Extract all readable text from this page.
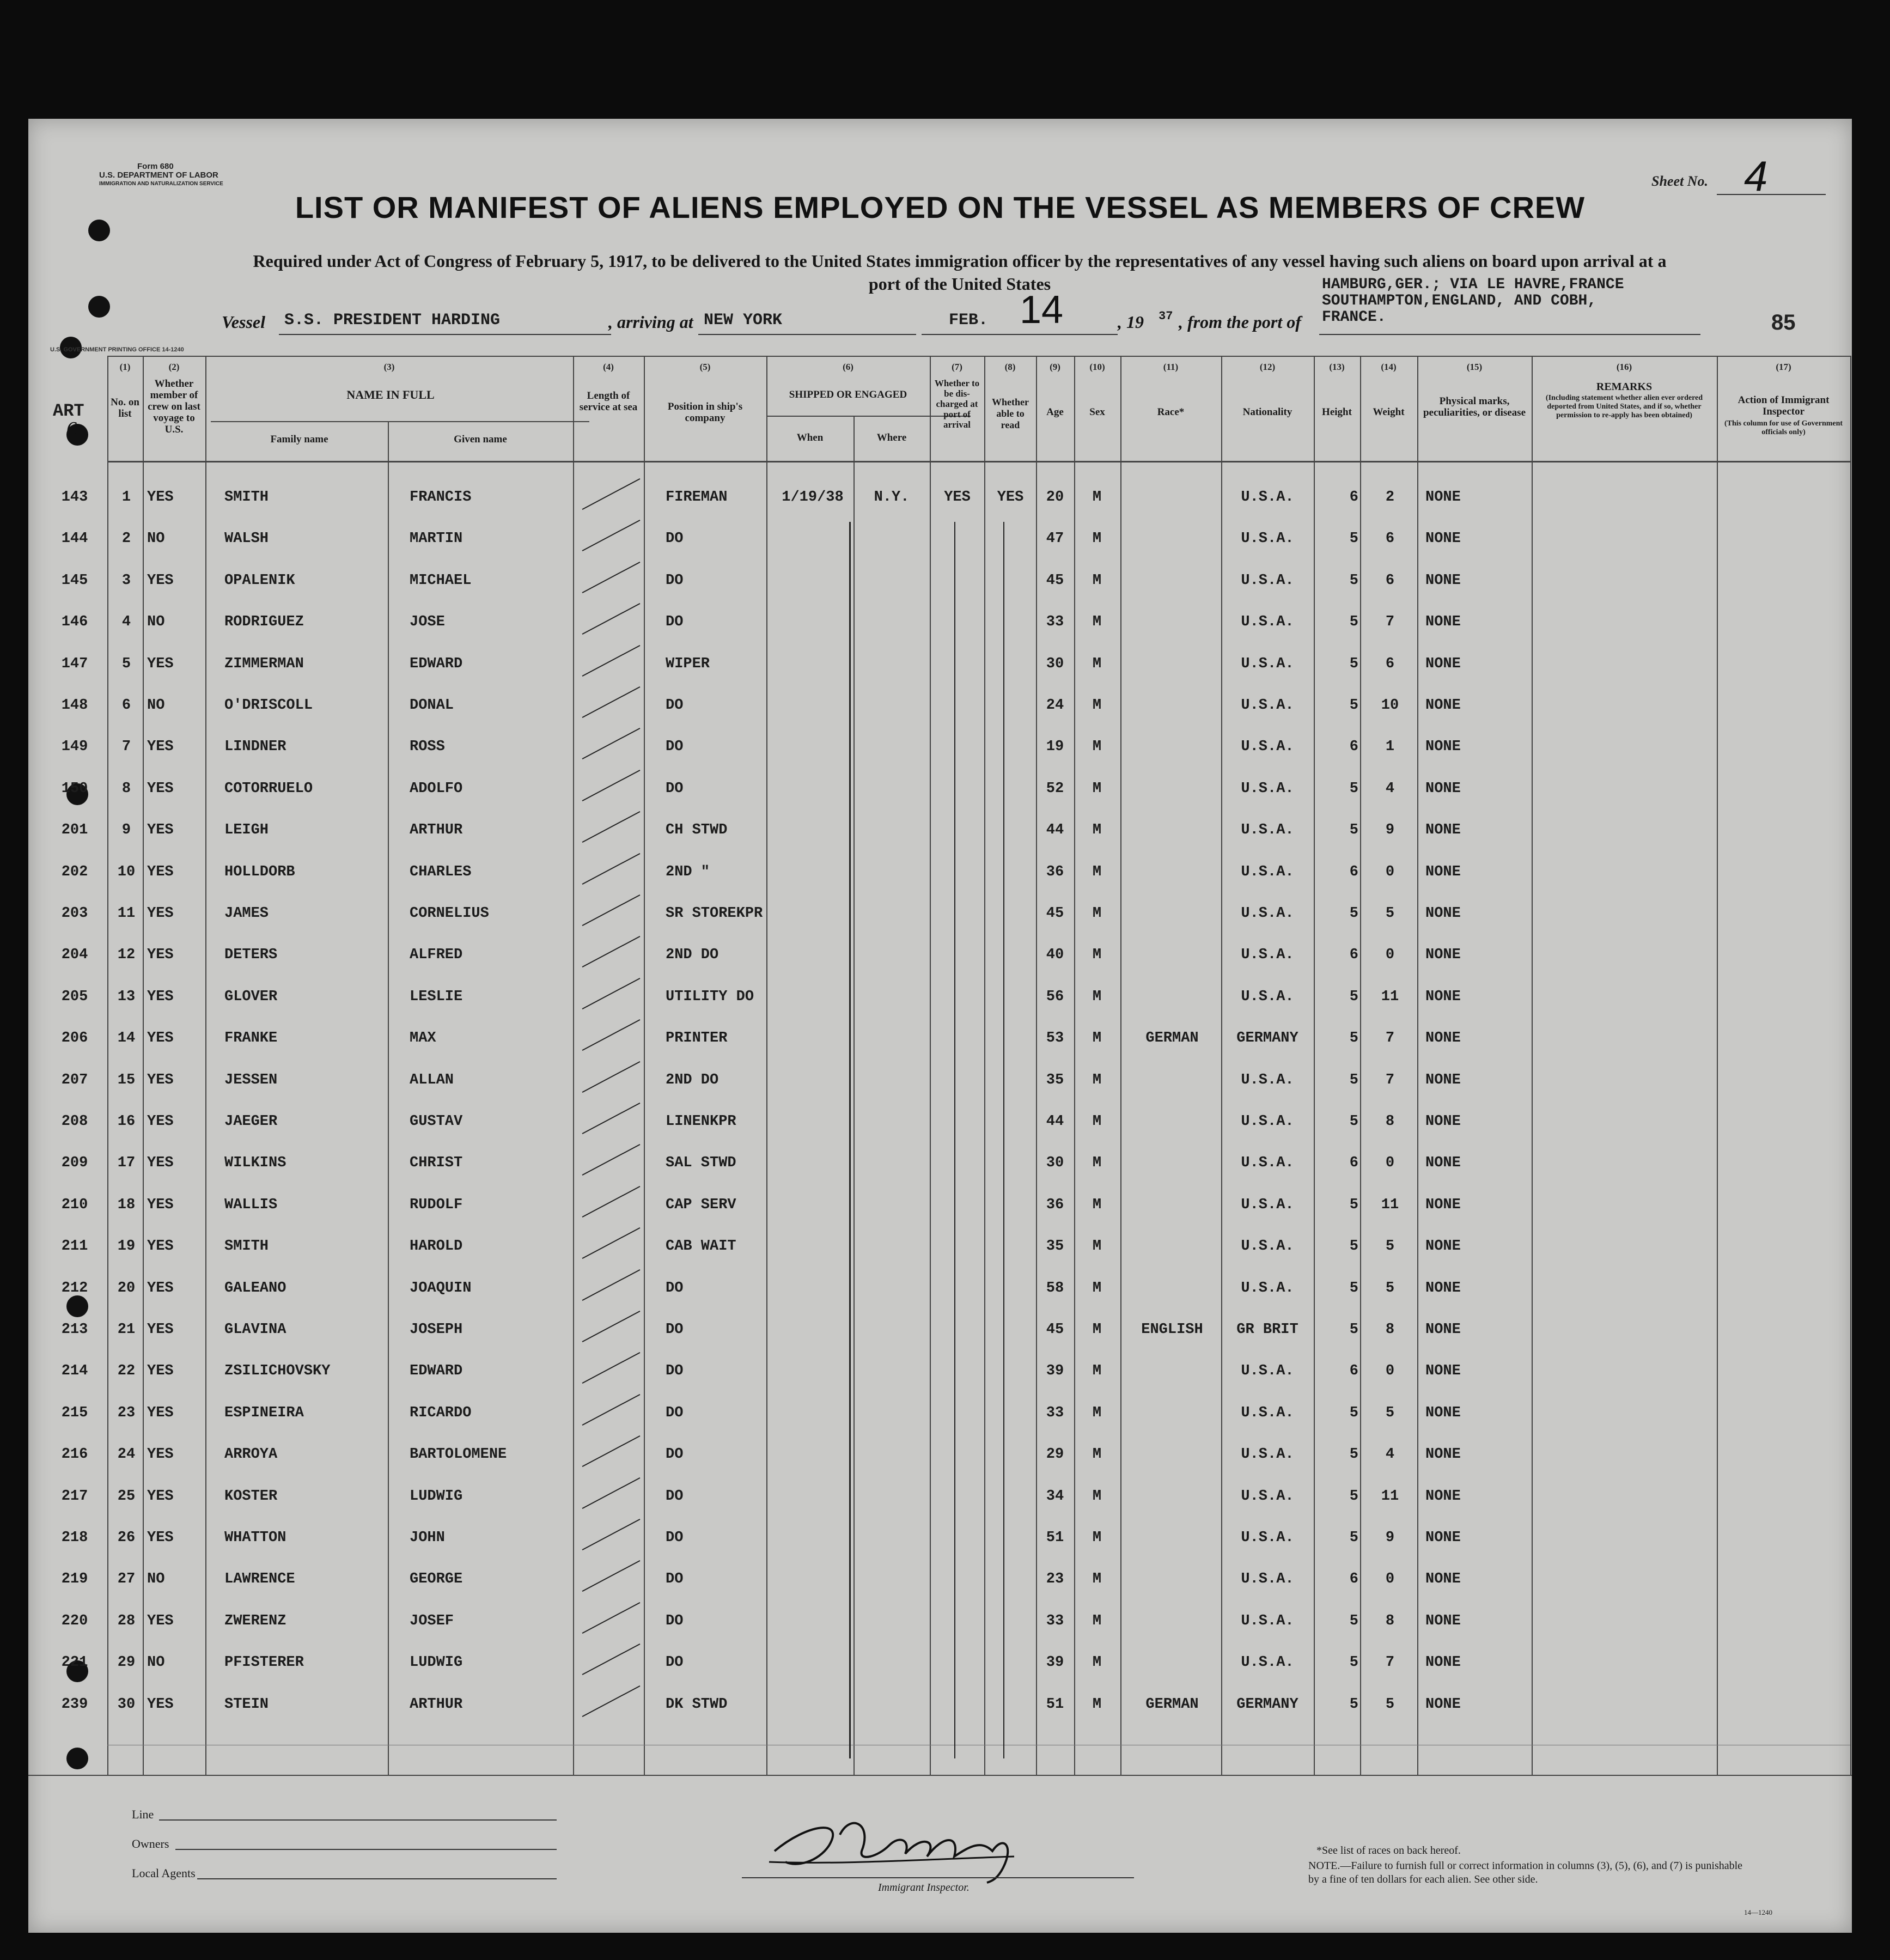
Form 680
U.S. DEPARTMENT OF LABOR
IMMIGRATION AND NATURALIZATION SERVICE	Sheet No. 4
LIST OR MANIFEST OF ALIENS EMPLOYED ON THE VESSEL AS MEMBERS OF CREW
Required under Act of Congress of February 5, 1917, to be delivered to the United States immigration officer by the representatives of any vessel having such aliens on board upon arrival at a
port of the United States
Vessel S.S. PRESIDENT HARDING	, arriving at NEW YORK	FEB. 14	, 19 37 , from the port of
HAMBURG,GER.; VIA LE HAVRE,FRANCE
SOUTHAMPTON,ENGLAND, AND COBH,
FRANCE.	85
U.S. GOVERNMENT PRINTING OFFICE 14-1240
ART
6
(1)	(2)	(3)	(4)	(5)	(6)	(7)	(8)	(9)	(10)	(11)	(12)	(13)	(14)	(15)	(16)	(17)
No. on list
Whether member of crew on last voyage to U.S.
NAME IN FULL
Family name	Given name
Length of service at sea	Position in ship's company
SHIPPED OR ENGAGED
When	Where
Whether to be dis-charged at port of arrival
Whether able to read
Age	Sex	Race*	Nationality	Height	Weight
Physical marks, peculiarities, or disease
REMARKS
(Including statement whether alien ever ordered deported from United States, and if so, whether permission to re-apply has been obtained)
Action of Immigrant Inspector
(This column for use of Government officials only)
143	1	YES	SMITH	FRANCIS	FIREMAN	1/19/38	N.Y.	YES	YES	20	M	U.S.A.	6	2	NONE
144	2	NO	WALSH	MARTIN	DO	47	M	U.S.A.	5	6	NONE
145	3	YES	OPALENIK	MICHAEL	DO	45	M	U.S.A.	5	6	NONE
146	4	NO	RODRIGUEZ	JOSE	DO	33	M	U.S.A.	5	7	NONE
147	5	YES	ZIMMERMAN	EDWARD	WIPER	30	M	U.S.A.	5	6	NONE
148	6	NO	O'DRISCOLL	DONAL	DO	24	M	U.S.A.	5	10	NONE
149	7	YES	LINDNER	ROSS	DO	19	M	U.S.A.	6	1	NONE
150	8	YES	COTORRUELO	ADOLFO	DO	52	M	U.S.A.	5	4	NONE
201	9	YES	LEIGH	ARTHUR	CH STWD	44	M	U.S.A.	5	9	NONE
202	10 YES	HOLLDORB	CHARLES	2ND "	36	M	U.S.A.	6	0	NONE
203	11 YES	JAMES	CORNELIUS	SR STOREKPR	45	M	U.S.A.	5	5	NONE
204	12 YES	DETERS	ALFRED	2ND DO	40	M	U.S.A.	6	0	NONE
205	13 YES	GLOVER	LESLIE	UTILITY DO	56	M	U.S.A.	5	11	NONE
206	14 YES	FRANKE	MAX	PRINTER	53	M	GERMAN	GERMANY	5	7	NONE
207	15 YES	JESSEN	ALLAN	2ND DO	35	M	U.S.A.	5	7	NONE
208	16 YES	JAEGER	GUSTAV	LINENKPR	44	M	U.S.A.	5	8	NONE
209	17 YES	WILKINS	CHRIST	SAL STWD	30	M	U.S.A.	6	0	NONE
210	18 YES	WALLIS	RUDOLF	CAP SERV	36	M	U.S.A.	5	11	NONE
211	19 YES	SMITH	HAROLD	CAB WAIT	35	M	U.S.A.	5	5	NONE
212	20 YES	GALEANO	JOAQUIN	DO	58	M	U.S.A.	5	5	NONE
213	21 YES	GLAVINA	JOSEPH	DO	45	M	ENGLISH	GR BRIT	5	8	NONE
214	22 YES	ZSILICHOVSKY	EDWARD	DO	39	M	U.S.A.	6	0	NONE
215	23 YES	ESPINEIRA	RICARDO	DO	33	M	U.S.A.	5	5	NONE
216	24 YES	ARROYA	BARTOLOMENE	DO	29	M	U.S.A.	5	4	NONE
217	25 YES	KOSTER	LUDWIG	DO	34	M	U.S.A.	5	11	NONE
218	26 YES	WHATTON	JOHN	DO	51	M	U.S.A.	5	9	NONE
219	27 NO	LAWRENCE	GEORGE	DO	23	M	U.S.A.	6	0	NONE
220	28 YES	ZWERENZ	JOSEF	DO	33	M	U.S.A.	5	8	NONE
221	29 NO	PFISTERER	LUDWIG	DO	39	M	U.S.A.	5	7	NONE
239	30 YES	STEIN	ARTHUR	DK STWD	51	M	GERMAN	GERMANY	5	5	NONE
Line
Owners
Local Agents
Immigrant Inspector.
*See list of races on back hereof.
NOTE.—Failure to furnish full or correct information in columns (3), (5), (6), and (7) is punishable by a fine of ten dollars for each alien. See other side.
14—1240
